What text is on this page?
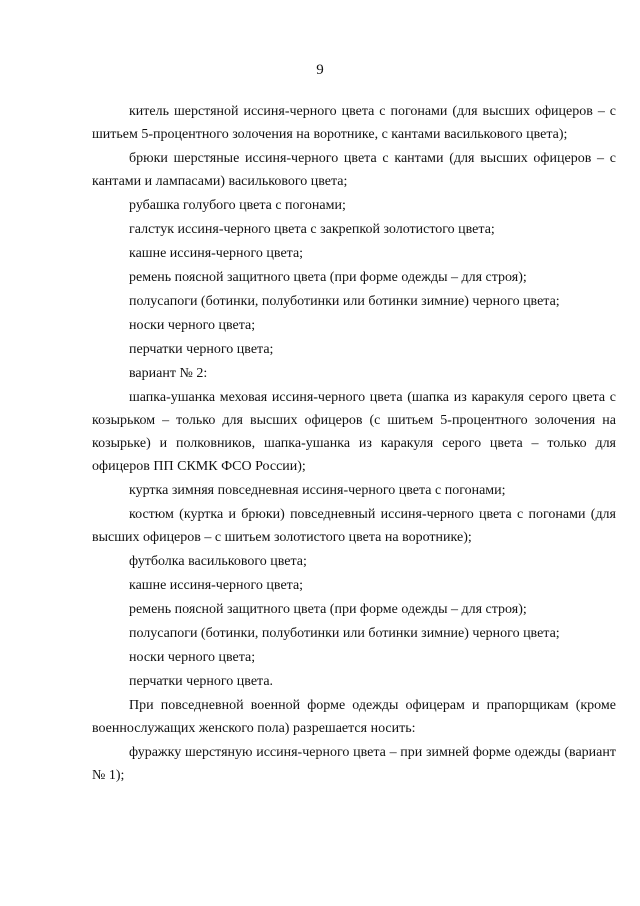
9

китель шерстяной иссиня-черного цвета с погонами (для высших офицеров – с шитьем 5-процентного золочения на воротнике, с кантами василькового цвета);

брюки шерстяные иссиня-черного цвета с кантами (для высших офицеров – с кантами и лампасами) василькового цвета;

рубашка голубого цвета с погонами;

галстук иссиня-черного цвета с закрепкой золотистого цвета;

кашне иссиня-черного цвета;

ремень поясной защитного цвета (при форме одежды – для строя);

полусапоги (ботинки, полуботинки или ботинки зимние) черного цвета;

носки черного цвета;

перчатки черного цвета;

вариант № 2:

шапка-ушанка меховая иссиня-черного цвета (шапка из каракуля серого цвета с козырьком – только для высших офицеров (с шитьем 5-процентного золочения на козырьке) и полковников, шапка-ушанка из каракуля серого цвета – только для офицеров ПП СКМК ФСО России);

куртка зимняя повседневная иссиня-черного цвета с погонами;

костюм (куртка и брюки) повседневный иссиня-черного цвета с погонами (для высших офицеров – с шитьем золотистого цвета на воротнике);

футболка василькового цвета;

кашне иссиня-черного цвета;

ремень поясной защитного цвета (при форме одежды – для строя);

полусапоги (ботинки, полуботинки или ботинки зимние) черного цвета;

носки черного цвета;

перчатки черного цвета.

При повседневной военной форме одежды офицерам и прапорщикам (кроме военнослужащих женского пола) разрешается носить:

фуражку шерстяную иссиня-черного цвета – при зимней форме одежды (вариант № 1);
